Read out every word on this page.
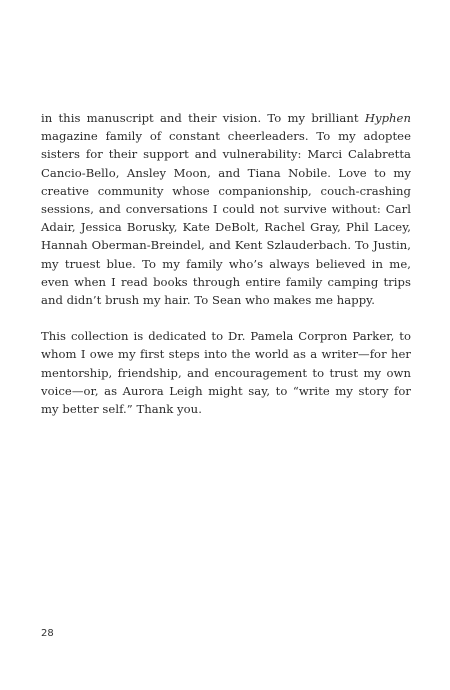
in this manuscript and their vision. To my brilliant Hyphen magazine family of constant cheerleaders. To my adoptee sisters for their support and vulnerability: Marci Calabretta Cancio-Bello, Ansley Moon, and Tiana Nobile. Love to my creative community whose companionship, couch-crashing sessions, and conversations I could not survive without: Carl Adair, Jessica Borusky, Kate DeBolt, Rachel Gray, Phil Lacey, Hannah Oberman-Breindel, and Kent Szlauderbach. To Justin, my truest blue. To my family who’s always believed in me, even when I read books through entire family camping trips and didn’t brush my hair. To Sean who makes me happy.

This collection is dedicated to Dr. Pamela Corpron Parker, to whom I owe my first steps into the world as a writer—for her mentorship, friendship, and encouragement to trust my own voice—or, as Aurora Leigh might say, to “write my story for my better self.” Thank you.

28
